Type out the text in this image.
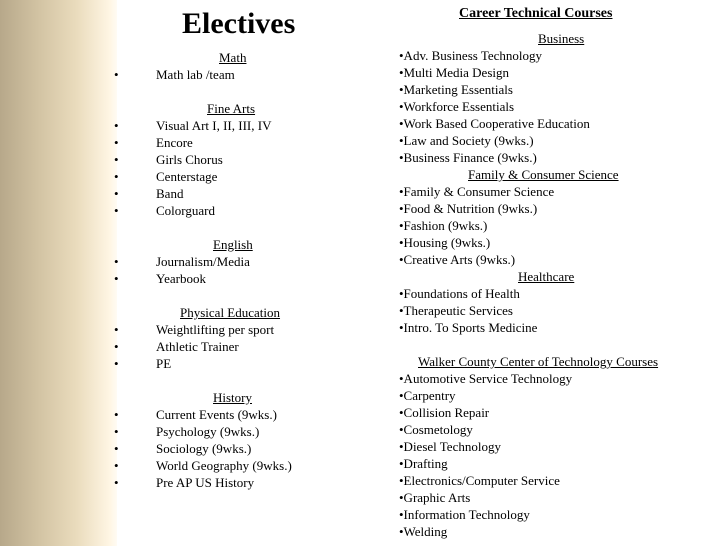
Electives	Career Technical Courses
Math
•	Math lab /team
Fine Arts
•	Visual Art I, II, III, IV
•	Encore
•	Girls Chorus
•	Centerstage
•	Band
•	Colorguard
English
•	Journalism/Media
•	Yearbook
Physical Education
•	Weightlifting per sport
•	Athletic Trainer
•	PE
History
•	Current Events (9wks.)
•	Psychology (9wks.)
•	Sociology (9wks.)
•	World Geography (9wks.)
•	Pre AP US History
Business
•Adv. Business Technology
•Multi Media Design
•Marketing Essentials
•Workforce Essentials
•Work Based Cooperative Education
•Law and Society (9wks.)
•Business Finance (9wks.)
Family & Consumer Science
•Family & Consumer Science
•Food & Nutrition (9wks.)
•Fashion (9wks.)
•Housing (9wks.)
•Creative Arts (9wks.)
Healthcare
•Foundations of Health
•Therapeutic Services
•Intro. To Sports Medicine
Walker County Center of Technology Courses
•Automotive Service Technology
•Carpentry
•Collision Repair
•Cosmetology
•Diesel Technology
•Drafting
•Electronics/Computer Service
•Graphic Arts
•Information Technology
•Welding
